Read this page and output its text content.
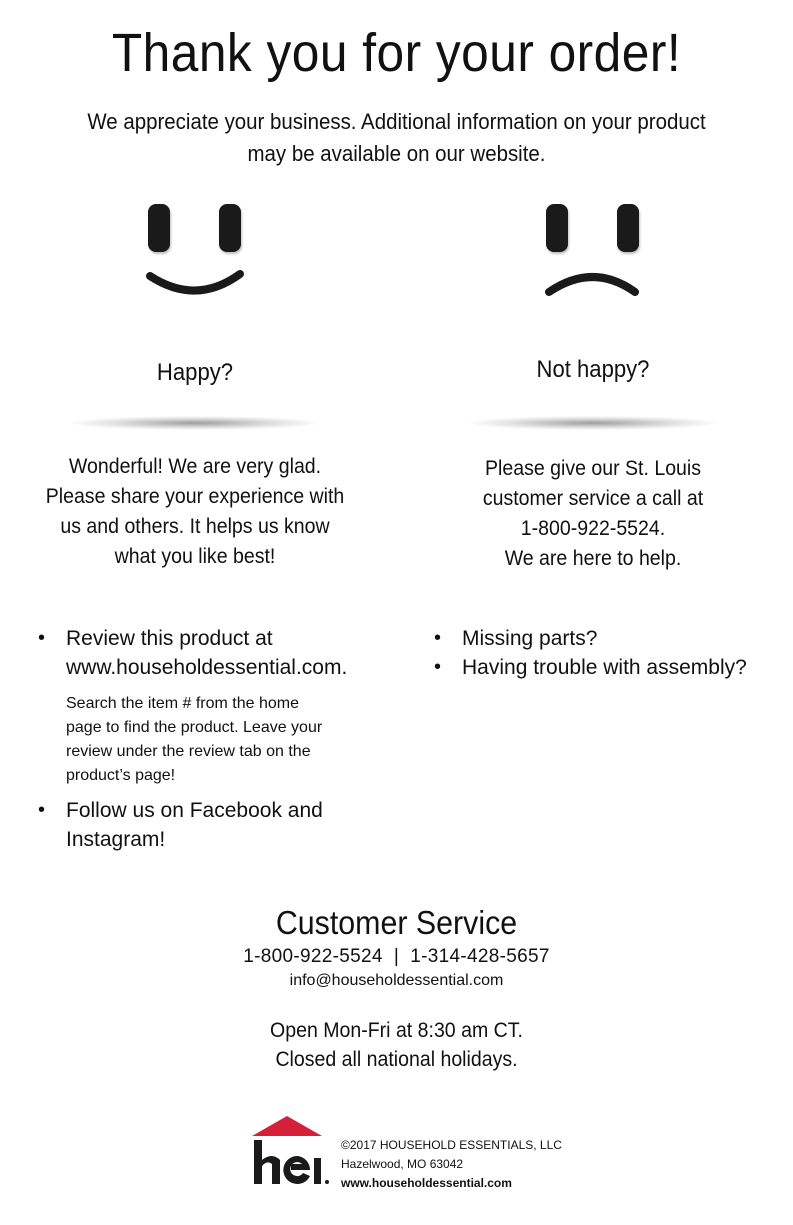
Thank you for your order!
We appreciate your business. Additional information on your product
may be available on our website.
Happy?	Not happy?
Wonderful! We are very glad.
Please share your experience with
us and others. It helps us know
what you like best!
Please give our St. Louis
customer service a call at
1-800-922-5524.
We are here to help.
• Review this product at
www.householdessential.com.
Search the item # from the home
page to find the product. Leave your
review under the review tab on the
product’s page!
• Follow us on Facebook and
Instagram!
• Missing parts?
• Having trouble with assembly?
Customer Service
1-800-922-5524  |  1-314-428-5657
info@householdessential.com
Open Mon-Fri at 8:30 am CT.
Closed all national holidays.
©2017 HOUSEHOLD ESSENTIALS, LLC
Hazelwood, MO 63042
www.householdessential.com
